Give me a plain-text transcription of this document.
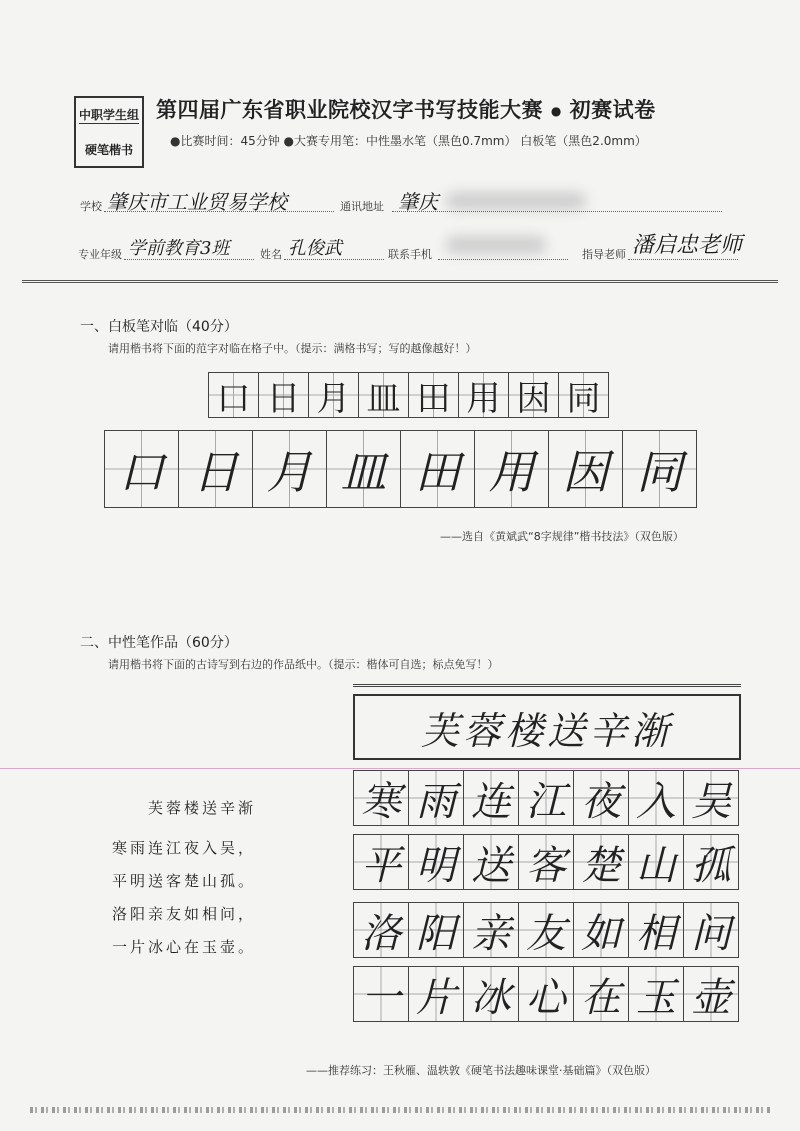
中职学生组
硬笔楷书
第四届广东省职业院校汉字书写技能大赛 ● 初赛试卷
●比赛时间：45分钟 ●大赛专用笔：中性墨水笔（黑色0.7mm） 白板笔（黑色2.0mm）
学校 肇庆市工业贸易学校	通讯地址 肇庆
专业年级 学前教育3班	姓名 孔俊武	联系手机	指导老师 潘启忠老师
一、白板笔对临（40分）
请用楷书将下面的范字对临在格子中。（提示：满格书写；写的越像越好！）
口 日 月 皿 田 用 因 同
口 日 月 皿 田 用 因 同
——选自《黄斌武“8字规律”楷书技法》（双色版）
二、中性笔作品（60分）
请用楷书将下面的古诗写到右边的作品纸中。（提示：楷体可自选；标点免写！）
芙蓉楼送辛渐
寒雨连江夜入吴，
平明送客楚山孤。
洛阳亲友如相问，
一片冰心在玉壶。
芙蓉楼送辛渐
寒 雨 连 江 夜 入 吴
平 明 送 客 楚 山 孤
洛 阳 亲 友 如 相 问
一 片 冰 心 在 玉 壶
——推荐练习：王秋雁、温轶敦《硬笔书法趣味课堂·基础篇》（双色版）
